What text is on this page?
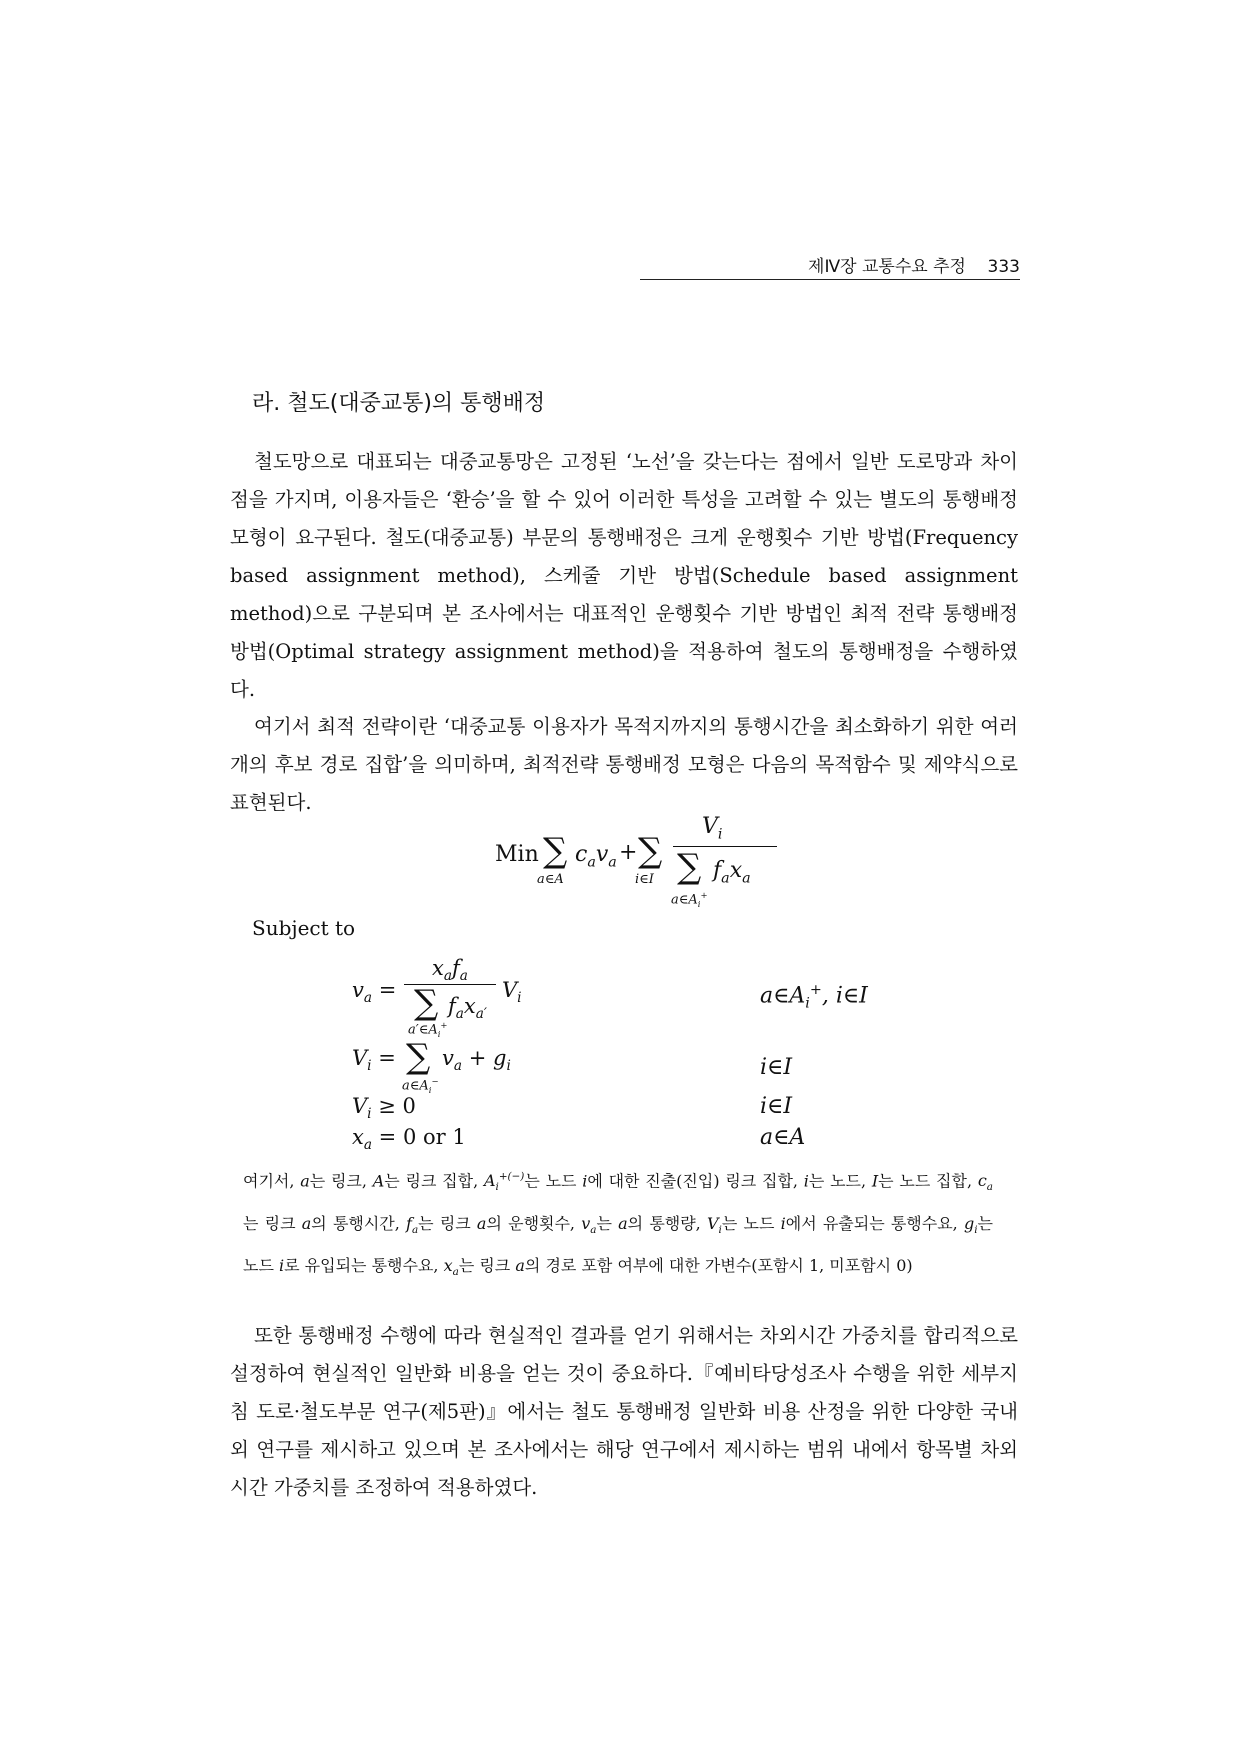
제Ⅳ장 교통수요 추정 333
라. 철도(대중교통)의 통행배정
철도망으로 대표되는 대중교통망은 고정된 ‘노선’을 갖는다는 점에서 일반 도로망과 차이점을 가지며, 이용자들은 ‘환승’을 할 수 있어 이러한 특성을 고려할 수 있는 별도의 통행배정 모형이 요구된다. 철도(대중교통) 부문의 통행배정은 크게 운행횟수 기반 방법(Frequency based assignment method), 스케줄 기반 방법(Schedule based assignment method)으로 구분되며 본 조사에서는 대표적인 운행횟수 기반 방법인 최적 전략 통행배정 방법(Optimal strategy assignment method)을 적용하여 철도의 통행배정을 수행하였다.
여기서 최적 전략이란 ‘대중교통 이용자가 목적지까지의 통행시간을 최소화하기 위한 여러 개의 후보 경로 집합’을 의미하며, 최적전략 통행배정 모형은 다음의 목적함수 및 제약식으로 표현된다.
Min ∑
a∈A
$c_av_a$ + ∑
i∈I
$V_i$
∑ $f_ax_a$
$a\in A_i^+$
Subject to
$v_a$ =
$x_af_a$
∑ $f_ax_{a'}$
$a'\in A_i^+$
$V_i$	$a\in A_i^+$, i∈I
$V_i$ = ∑
$a\in A_i^-$
$v_a + g_i$	i∈I
$V_i \ge 0$	i∈I
$x_a = 0$ or 1	a∈A
여기서, a는 링크, A는 링크 집합, $A_i^{+(-)}$는 노드 i에 대한 진출(진입) 링크 집합, i는 노드, I는 노드 집합, $c_a$는 링크 a의 통행시간, $f_a$는 링크 a의 운행횟수, $v_a$는 a의 통행량, $V_i$는 노드 i에서 유출되는 통행수요, $g_i$는 노드 i로 유입되는 통행수요, $x_a$는 링크 a의 경로 포함 여부에 대한 가변수(포함시 1, 미포함시 0)
또한 통행배정 수행에 따라 현실적인 결과를 얻기 위해서는 차외시간 가중치를 합리적으로 설정하여 현실적인 일반화 비용을 얻는 것이 중요하다.『예비타당성조사 수행을 위한 세부지침 도로·철도부문 연구(제5판)』에서는 철도 통행배정 일반화 비용 산정을 위한 다양한 국내외 연구를 제시하고 있으며 본 조사에서는 해당 연구에서 제시하는 범위 내에서 항목별 차외시간 가중치를 조정하여 적용하였다.
